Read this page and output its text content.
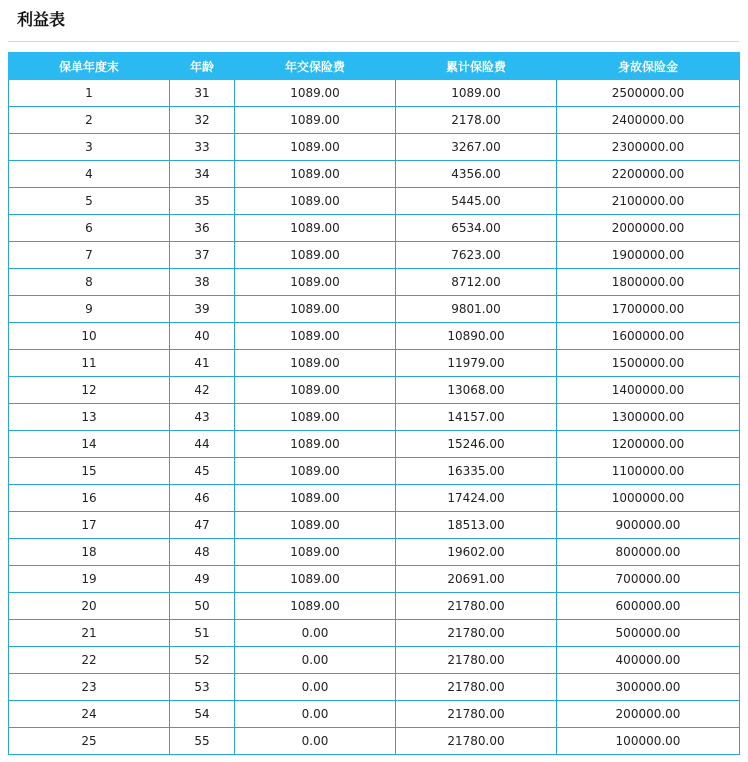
利益表
保单年度末	年龄	年交保险费	累计保险费	身故保险金
1	31	1089.00	1089.00	2500000.00
2	32	1089.00	2178.00	2400000.00
3	33	1089.00	3267.00	2300000.00
4	34	1089.00	4356.00	2200000.00
5	35	1089.00	5445.00	2100000.00
6	36	1089.00	6534.00	2000000.00
7	37	1089.00	7623.00	1900000.00
8	38	1089.00	8712.00	1800000.00
9	39	1089.00	9801.00	1700000.00
10	40	1089.00	10890.00	1600000.00
11	41	1089.00	11979.00	1500000.00
12	42	1089.00	13068.00	1400000.00
13	43	1089.00	14157.00	1300000.00
14	44	1089.00	15246.00	1200000.00
15	45	1089.00	16335.00	1100000.00
16	46	1089.00	17424.00	1000000.00
17	47	1089.00	18513.00	900000.00
18	48	1089.00	19602.00	800000.00
19	49	1089.00	20691.00	700000.00
20	50	1089.00	21780.00	600000.00
21	51	0.00	21780.00	500000.00
22	52	0.00	21780.00	400000.00
23	53	0.00	21780.00	300000.00
24	54	0.00	21780.00	200000.00
25	55	0.00	21780.00	100000.00
